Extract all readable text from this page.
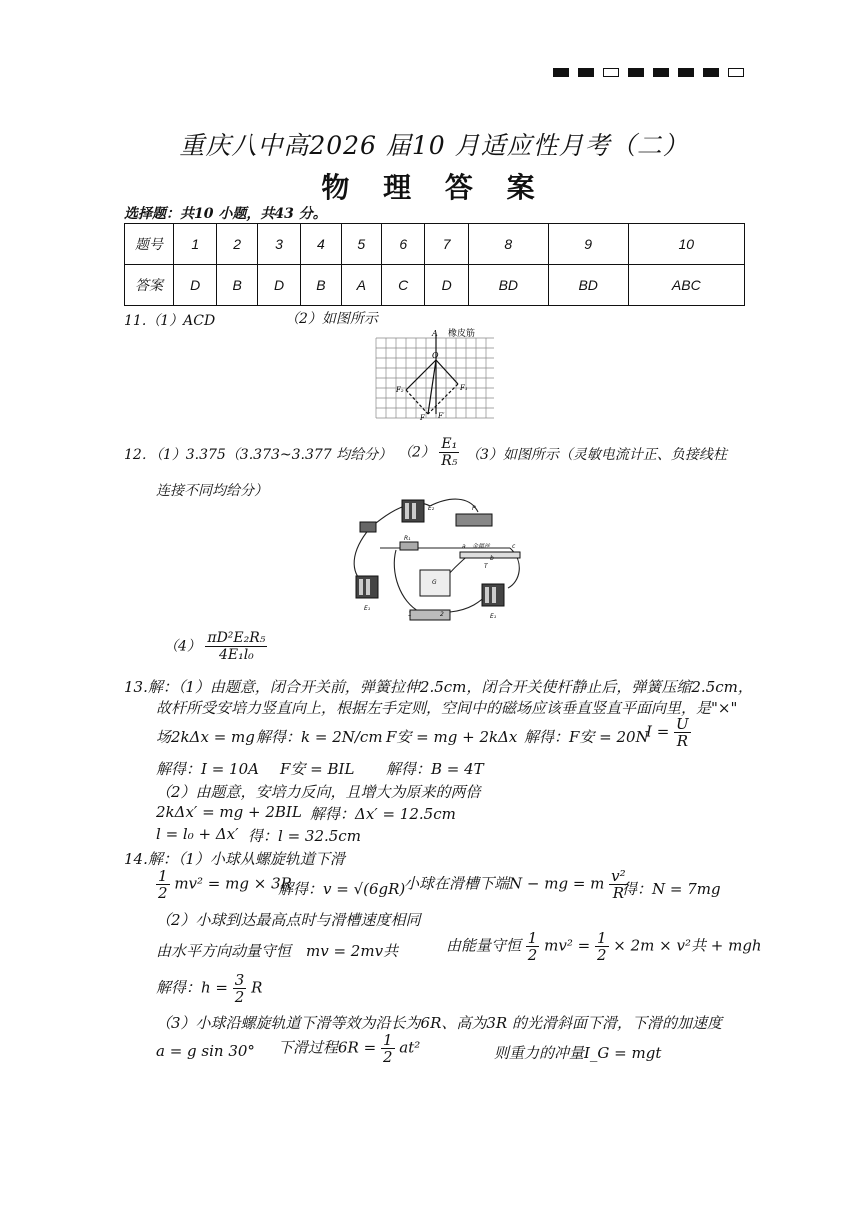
重庆八中高2026 届10 月适应性月考（二）
物 理 答 案
选择题：共10 小题，共43 分。
题号	1	2	3	4	5	6	7	8	9	10
答案	D	B	D	B	A	C	D	BD	BD	ABC
11.（1）ACD	（2）如图所示
A 橡皮筋
O
F₂	F₁
F F′
12．（1）3.375（3.373~3.377 均给分） $(2) \frac{\text{E₁}}{\text{R₅}} (3)$如图所示（灵敏电流计正、负接线柱
连接不同均给分）
E₁
E₁
E₂
R₁
P
金属丝
G
T
a
b
c
1	2
$(4) \frac{\text{πD²E₂R₅}}{\text{4E₁l₀}}$
13.解：（1）由题意，闭合开关前，弹簧拉伸2.5cm，闭合开关使杆静止后，弹簧压缩2.5cm，
故杆所受安培力竖直向上，根据左手定则，空间中的磁场应该垂直竖直平面向里，是"×"
场2kΔx = mg 解得：k = 2N/cm F安 = mg + 2kΔx 解得：F安 = 20N
$I = \frac{U}{R}$
解得：I = 10A F安 = BIL 解得：B = 4T
（2）由题意，安培力反向，且增大为原来的两倍
2kΔx′ = mg + 2BIL 解得：Δx′ = 12.5cm
l = l₀ + Δx′ 得：l = 32.5cm
14.解：（1）小球从螺旋轨道下滑
$\frac{1}{2} mv^2$ = mg × 3R
解得：v = √(6gR)
小球在滑槽下端N − mg = m $\frac{\text{v²}}{R}$
得：N = 7mg
（2）小球到达最高点时与滑槽速度相同
由水平方向动量守恒　mv = 2mv共	由能量守恒 $\frac{1}{2} mv^2 = \frac{1}{2} \times 2m \times v^2$共 + mgh
解得：$h = \frac{3}{2}$ R
（3）小球沿螺旋轨道下滑等效为沿长为6R、高为3R 的光滑斜面下滑，下滑的加速度
a = g sin 30° 下滑过程$6R = \frac{1}{2} at^2$	则重力的冲量I_G = mgt
